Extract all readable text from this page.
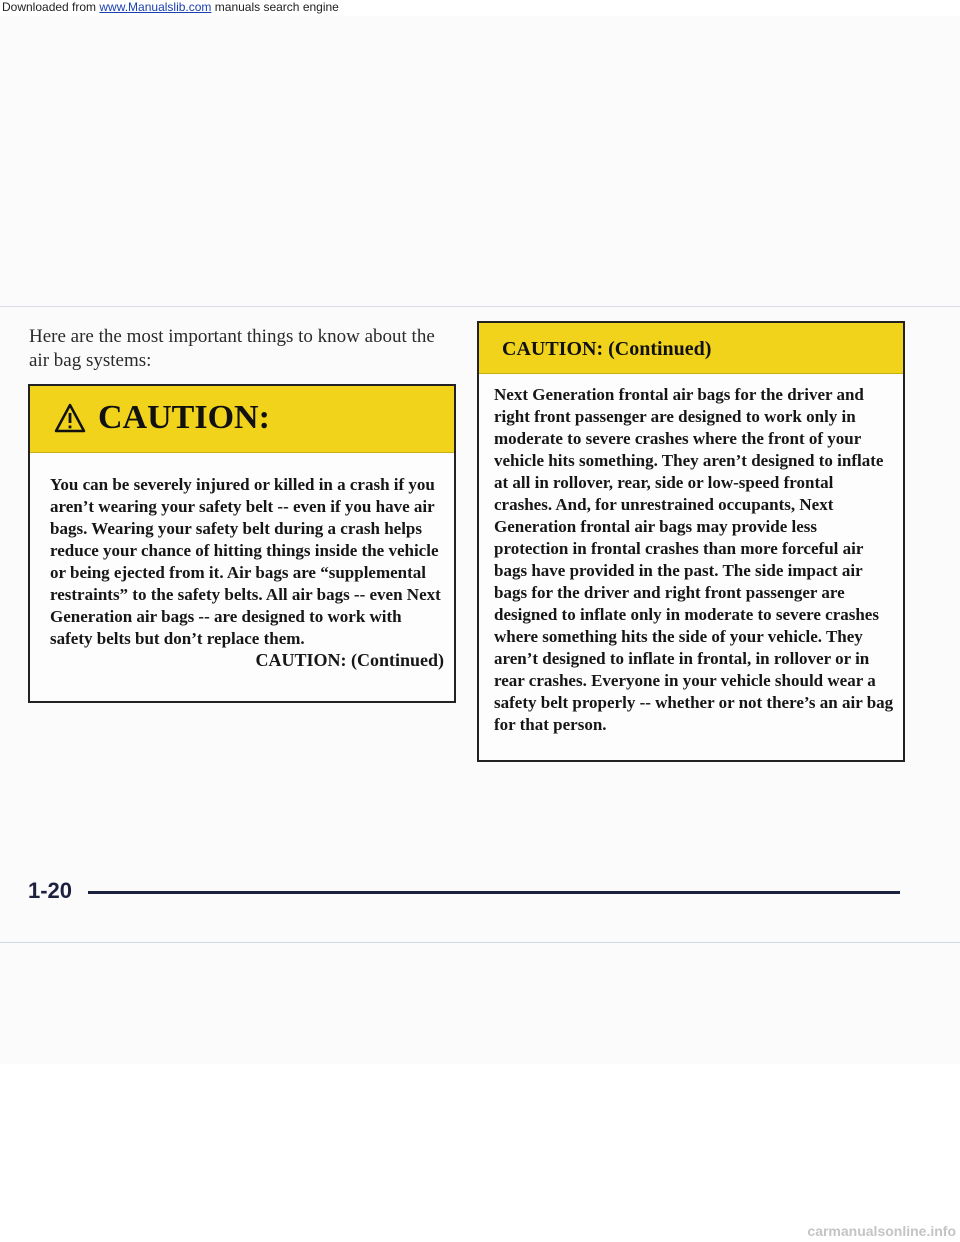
Downloaded from www.Manualslib.com manuals search engine
Here are the most important things to know about the air bag systems:
CAUTION:
You can be severely injured or killed in a crash if you aren’t wearing your safety belt -- even if you have air bags. Wearing your safety belt during a crash helps reduce your chance of hitting things inside the vehicle or being ejected from it. Air bags are “supplemental restraints” to the safety belts. All air bags -- even Next Generation air bags -- are designed to work with safety belts but don’t replace them.
CAUTION: (Continued)
CAUTION: (Continued)
Next Generation frontal air bags for the driver and right front passenger are designed to work only in moderate to severe crashes where the front of your vehicle hits something. They aren’t designed to inflate at all in rollover, rear, side or low-speed frontal crashes. And, for unrestrained occupants, Next Generation frontal air bags may provide less protection in frontal crashes than more forceful air bags have provided in the past. The side impact air bags for the driver and right front passenger are designed to inflate only in moderate to severe crashes where something hits the side of your vehicle. They aren’t designed to inflate in frontal, in rollover or in rear crashes. Everyone in your vehicle should wear a safety belt properly -- whether or not there’s an air bag for that person.
1-20
carmanualsonline.info
